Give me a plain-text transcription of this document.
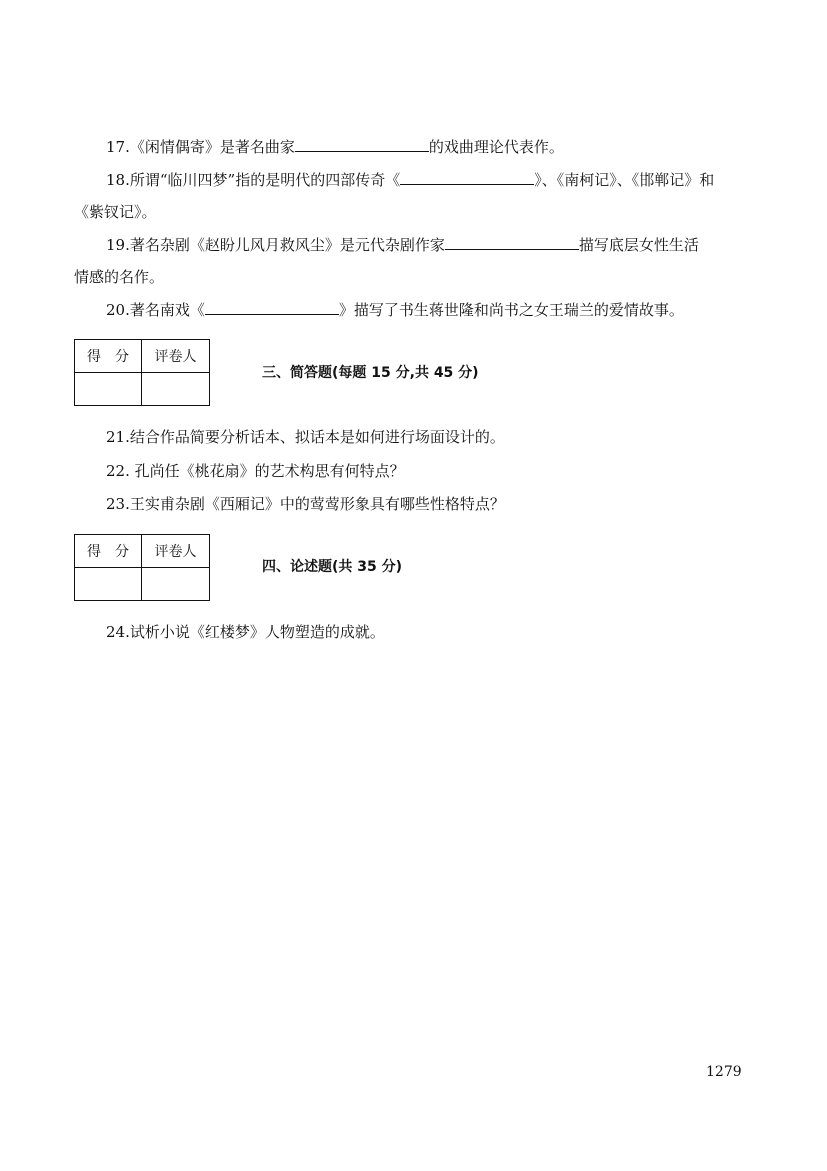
17.《闲情偶寄》是著名曲家	的戏曲理论代表作。
18.所谓“临川四梦”指的是明代的四部传奇《	》、《南柯记》、《邯郸记》和
《紫钗记》。
19.著名杂剧《赵盼儿风月救风尘》是元代杂剧作家	描写底层女性生活
情感的名作。
20.著名南戏《	》描写了书生蒋世隆和尚书之女王瑞兰的爱情故事。
得　分	评卷人

三、简答题(每题 15 分,共 45 分)
21.结合作品简要分析话本、拟话本是如何进行场面设计的。
22. 孔尚任《桃花扇》的艺术构思有何特点？
23.王实甫杂剧《西厢记》中的莺莺形象具有哪些性格特点？
得　分	评卷人

四、论述题(共 35 分)
24.试析小说《红楼梦》人物塑造的成就。
1279
